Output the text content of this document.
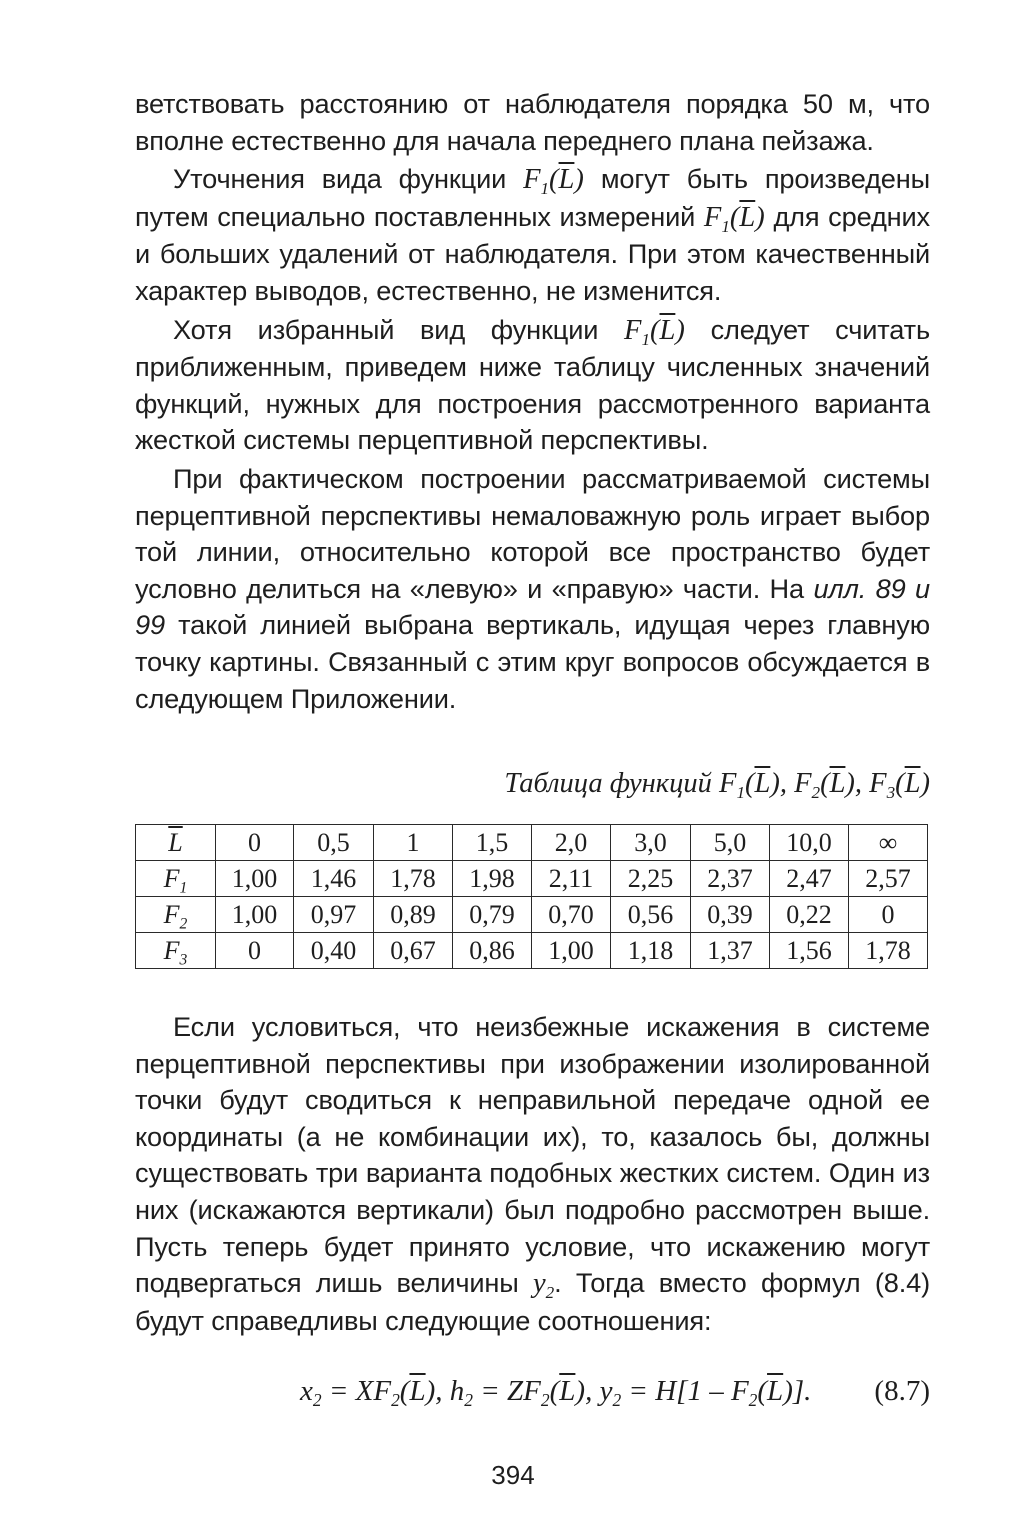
ветствовать расстоянию от наблюдателя порядка 50 м, что вполне естественно для начала переднего плана пейзажа.

Уточнения вида функции $F_1(\overline{L})$ могут быть произведены путем специально поставленных измерений $F_1(\overline{L})$ для средних и больших удалений от наблюдателя. При этом качественный характер выводов, естественно, не изменится.

Хотя избранный вид функции $F_1(\overline{L})$ следует считать приближенным, приведем ниже таблицу численных значений функций, нужных для построения рассмотренного варианта жесткой системы перцептивной перспективы.

При фактическом построении рассматриваемой системы перцептивной перспективы немаловажную роль играет выбор той линии, относительно которой все пространство будет условно делиться на «левую» и «правую» части. На илл. 89 и 99 такой линией выбрана вертикаль, идущая через главную точку картины. Связанный с этим круг вопросов обсуждается в следующем Приложении.

Таблица функций $F_1(\overline{L})$, $F_2(\overline{L})$, $F_3(\overline{L})$
$\overline{L}$	0	0,5	1	1,5	2,0	3,0	5,0	10,0	∞
$F_1$	1,00	1,46	1,78	1,98	2,11	2,25	2,37	2,47	2,57
$F_2$	1,00	0,97	0,89	0,79	0,70	0,56	0,39	0,22	0
$F_3$	0	0,40	0,67	0,86	1,00	1,18	1,37	1,56	1,78

Если условиться, что неизбежные искажения в системе перцептивной перспективы при изображении изолированной точки будут сводиться к неправильной передаче одной ее координаты (а не комбинации их), то, казалось бы, должны существовать три варианта подобных жестких систем. Один из них (искажаются вертикали) был подробно рассмотрен выше. Пусть теперь будет принято условие, что искажению могут подвергаться лишь величины $y_2$. Тогда вместо формул (8.4) будут справедливы следующие соотношения:

$x_2 = XF_2(\overline{L})$, $h_2 = ZF_2(\overline{L})$, $y_2 = H[1 - F_2(\overline{L})]$. (8.7)
394
